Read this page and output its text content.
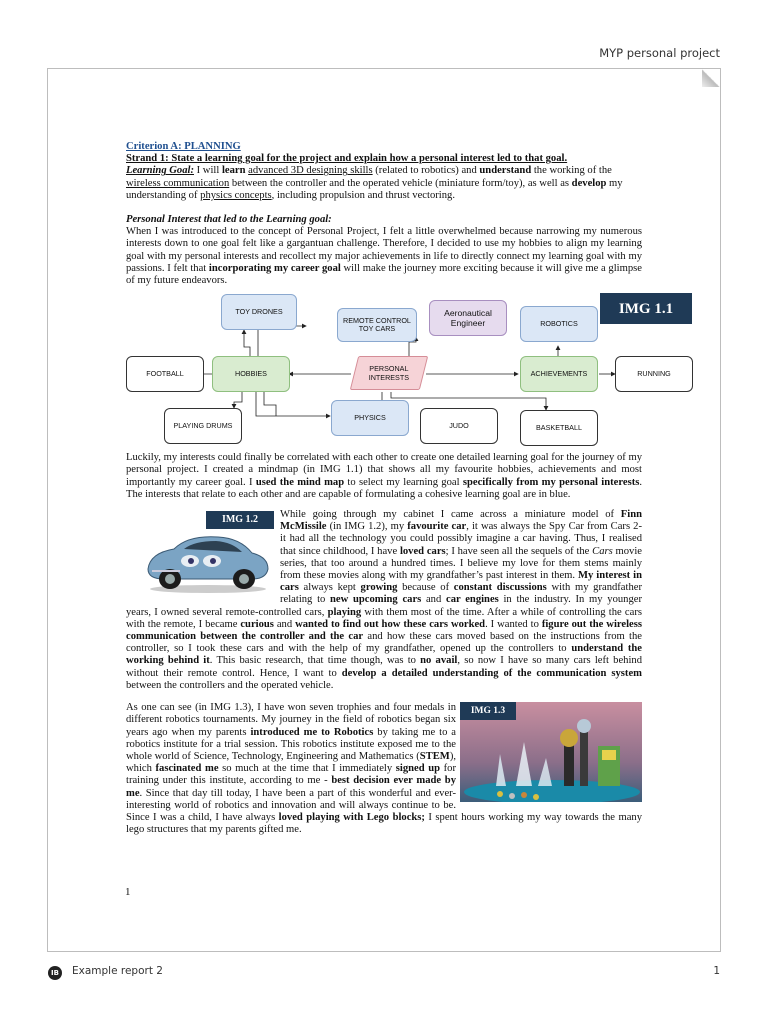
MYP personal project

Criterion A: PLANNING

Strand 1: State a learning goal for the project and explain how a personal interest led to that goal.

Learning Goal: I will learn advanced 3D designing skills (related to robotics) and understand the working of the wireless communication between the controller and the operated vehicle (miniature form/toy), as well as develop my understanding of physics concepts, including propulsion and thrust vectoring.

Personal Interest that led to the Learning goal:

When I was introduced to the concept of Personal Project, I felt a little overwhelmed because narrowing my numerous interests down to one goal felt like a gargantuan challenge. Therefore, I decided to use my hobbies to align my learning goal with my personal interests and recollect my major achievements in life to directly connect my learning goal with my passions. I felt that incorporating my career goal will make the journey more exciting because it will give me a glimpse of my future endeavors.

TOY DRONES
REMOTE CONTROL TOY CARS
Aeronautical Engineer	ROBOTICS
IMG 1.1
FOOTBALL	HOBBIES
PERSONAL INTERESTS	ACHIEVEMENTS	RUNNING
PLAYING DRUMS
PHYSICS
JUDO	BASKETBALL

Luckily, my interests could finally be correlated with each other to create one detailed learning goal for the journey of my personal project. I created a mindmap (in IMG 1.1) that shows all my favourite hobbies, achievements and most importantly my career goal. I used the mind map to select my learning goal specifically from my personal interests. The interests that relate to each other and are capable of formulating a cohesive learning goal are in blue.

IMG 1.2	While going through my cabinet I came across a miniature model of Finn McMissile (in IMG 1.2), my favourite car, it was always the Spy Car from Cars 2- it had all the technology you could possibly imagine a car having. Thus, I realised that since childhood, I have loved cars; I have seen all the sequels of the Cars movie series, that too around a hundred times. I believe my love for them stems mainly from these movies along with my grandfather’s past interest in them. My interest in cars always kept growing because of constant discussions with my grandfather relating to new upcoming cars and car engines in the industry. In my younger years, I owned several remote-controlled cars, playing with them most of the time. After a while of controlling the cars with the remote, I became curious and wanted to find out how these cars worked. I wanted to figure out the wireless communication between the controller and the car and how these cars moved based on the instructions from the controller, so I took these cars and with the help of my grandfather, opened up the controllers to understand the working behind it. This basic research, that time though, was to no avail, so now I have so many cars left behind without their remote control. Hence, I want to develop a detailed understanding of the communication system between the controllers and the operated vehicle.

IMG 1.3

As one can see (in IMG 1.3), I have won seven trophies and four medals in different robotics tournaments. My journey in the field of robotics began six years ago when my parents introduced me to Robotics by taking me to a robotics institute for a trial session. This robotics institute exposed me to the whole world of Science, Technology, Engineering and Mathematics (STEM), which fascinated me so much at the time that I immediately signed up for training under this institute, according to me - best decision ever made by me. Since that day till today, I have been a part of this wonderful and ever-interesting world of robotics and innovation and will always continue to be. Since I was a child, I have always loved playing with Lego blocks; I spent hours working my way towards the many lego structures that my parents gifted me.

1
IB Example report 2	1
